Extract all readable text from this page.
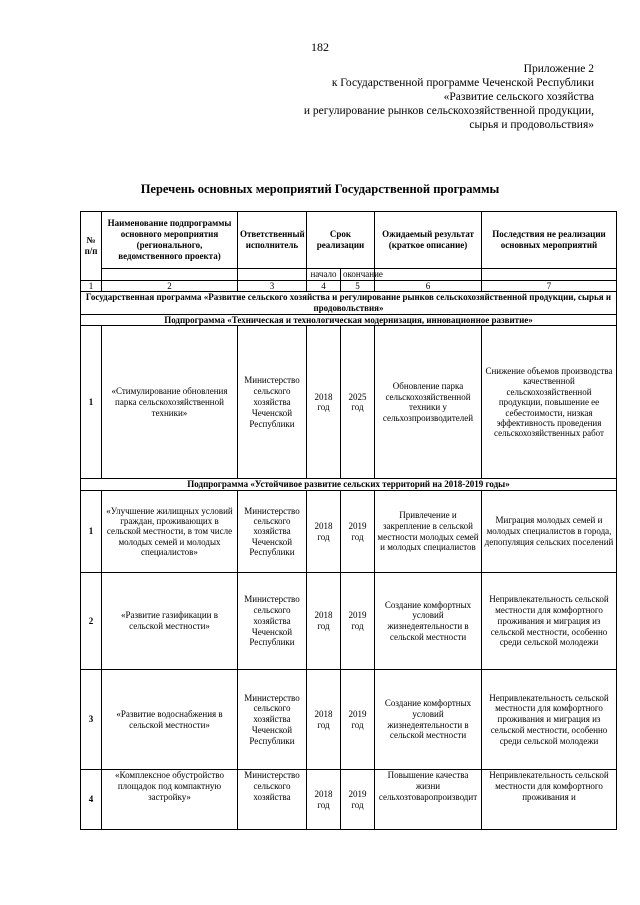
182
Приложение 2
к Государственной программе Чеченской Республики
«Развитие сельского хозяйства
и регулирование рынков сельскохозяйственной продукции,
сырья и продовольствия»
Перечень основных мероприятий Государственной программы
№ п/п	Наименование подпрограммы основного мероприятия (регионального, ведомственного проекта)	Ответственный исполнитель	Срок реализации		Ожидаемый результат (краткое описание)	Последствия не реализации основных мероприятий
			начало	окончание		
1	2	3	4	5	6	7
Государственная программа «Развитие сельского хозяйства и регулирование рынков сельскохозяйственной продукции, сырья и продовольствия»						
Подпрограмма «Техническая и технологическая модернизация, инновационное развитие»						
1	«Стимулирование обновления парка сельскохозяйственной техники»	Министерство сельского хозяйства Чеченской Республики	2018 год	2025 год	Обновление парка сельскохозяйственной техники у сельхозпроизводителей	Снижение объемов производства качественной сельскохозяйственной продукции, повышение ее себестоимости, низкая эффективность проведения сельскохозяйственных работ
Подпрограмма «Устойчивое развитие сельских территорий на 2018-2019 годы»						
1	«Улучшение жилищных условий граждан, проживающих в сельской местности, в том числе молодых семей и молодых специалистов»	Министерство сельского хозяйства Чеченской Республики	2018 год	2019 год	Привлечение и закрепление в сельской местности молодых семей и молодых специалистов	Миграция молодых семей и молодых специалистов в города, депопуляция сельских поселений
2	«Развитие газификации в сельской местности»	Министерство сельского хозяйства Чеченской Республики	2018 год	2019 год	Создание комфортных условий жизнедеятельности в сельской местности	Непривлекательность сельской местности для комфортного проживания и миграция из сельской местности, особенно среди сельской молодежи
3	«Развитие водоснабжения в сельской местности»	Министерство сельского хозяйства Чеченской Республики	2018 год	2019 год	Создание комфортных условий жизнедеятельности в сельской местности	Непривлекательность сельской местности для комфортного проживания и миграция из сельской местности, особенно среди сельской молодежи
4	«Комплексное обустройство площадок под компактную застройку»	Министерство сельского хозяйства	2018 год	2019 год	Повышение качества жизни сельхозтоваропроизводит	Непривлекательность сельской местности для комфортного проживания и
